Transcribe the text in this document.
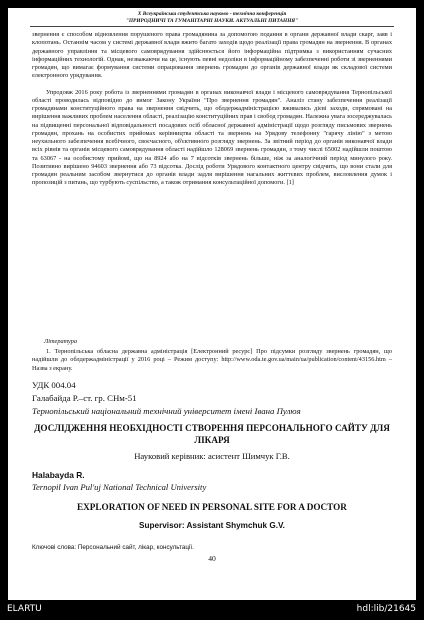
X Всеукраїнська студентська науково - технічна конференція
"ПРИРОДНИЧІ ТА ГУМАНІТАРНІ НАУКИ. АКТУАЛЬНІ ПИТАННЯ"

звернення є способом відновлення порушеного права громадянина за допомогою подання в органи державної влади скарг, заяв і клопотань. Останнім часом у системі державної влади вжито багато заходів щодо реалізації права громадян на звернення. В органах державного управління та місцевого самоврядування здійснюється його інформаційна підтримка з використанням сучасних інформаційних технологій. Однак, незважаючи на це, існують певні недоліки в інформаційному забезпеченні роботи зі зверненнями громадян, що вимагає формування системи опрацювання звернень громадян до органів державної влади як складової системи електронного урядування.

Упродовж 2016 року робота із зверненнями громадян в органах виконавчої влади і місцевого самоврядування Тернопільської області проводилась відповідно до вимог Закону України "Про звернення громадян". Аналіз стану забезпечення реалізації громадянами конституційного права на звернення свідчить, що облдержадміністрацією вживались дієві заходи, спрямовані на вирішення важливих проблем населення області, реалізацію конституційних прав і свобод громадян. Належна увага зосереджувалась на підвищенні персональної відповідальності посадових осіб обласної державної адміністрації щодо розгляду письмових звернень громадян, прохань на особистих прийомах керівництва області та звернень на Урядову телефонну "гарячу лінію" з метою неухильного забезпечення всебічного, своєчасного, об'єктивного розгляду звернень. За звітний період до органів виконавчої влади всіх рівнів та органів місцевого самоврядування області надійшло 128069 звернень громадян, з тому числі 65002 надійшли поштою та 63067 - на особистому прийомі, що на 8924 або на 7 відсотків звернень більше, ніж за аналогічний період минулого року. Позитивно вирішено 94603 звернення або 73 відсотка. Дослід роботи Урядового контактного центру свідчить, що вони стали для громадян реальним засобом звернутися до органів влади задля вирішення нагальних життєвих проблем, висловлення думок і пропозицій з питань, що турбують суспільство, а також отримання консультаційної допомоги. [1]

Література

1. Тернопільська обласна державна адміністрація [Електронний ресурс] Про підсумки розгляду звернень громадян, що надійшли до облдержадміністрації у 2016 році – Режим доступу: http://www.oda.te.gov.ua/main/ua/publication/content/43156.htm – Назва з екрану.

УДК 004.04
Галабайда Р.–ст. гр. СНм-51
Тернопільський національний технічний університет імені Івана Пулюя
ДОСЛІДЖЕННЯ НЕОБХІДНОСТІ СТВОРЕННЯ ПЕРСОНАЛЬНОГО САЙТУ ДЛЯ ЛІКАРЯ
Науковий керівник: асистент Шимчук Г.В.
Halabayda R.
Ternopil Ivan Pul'uj National Technical University
EXPLORATION OF NEED IN PERSONAL SITE FOR A DOCTOR
Supervisor: Assistant Shymchuk G.V.
Ключові слова: Персональний сайт, лікар, консультації.
40
ELARTU	hdl:lib/21645
